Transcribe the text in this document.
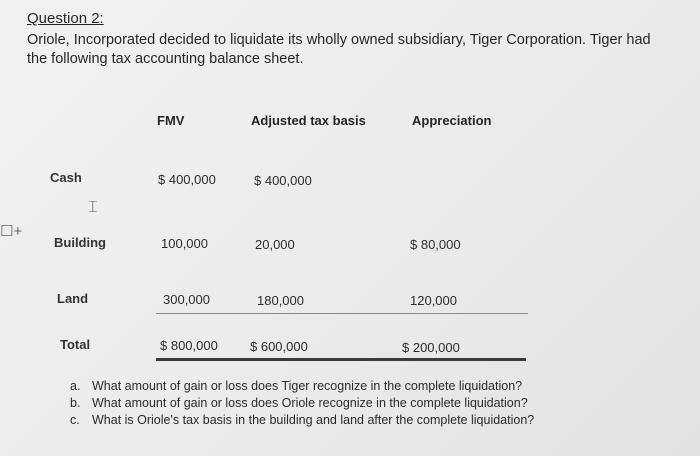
Question 2:
Oriole, Incorporated decided to liquidate its wholly owned subsidiary, Tiger Corporation. Tiger had the following tax accounting balance sheet.
FMV	Adjusted tax basis	Appreciation
Cash	$ 400,000	$ 400,000
⌶
☐+
Building	100,000	20,000	$ 80,000
Land	300,000	180,000	120,000
Total	$ 800,000 $ 600,000	$ 200,000
a. What amount of gain or loss does Tiger recognize in the complete liquidation?
b. What amount of gain or loss does Oriole recognize in the complete liquidation?
c. What is Oriole's tax basis in the building and land after the complete liquidation?
